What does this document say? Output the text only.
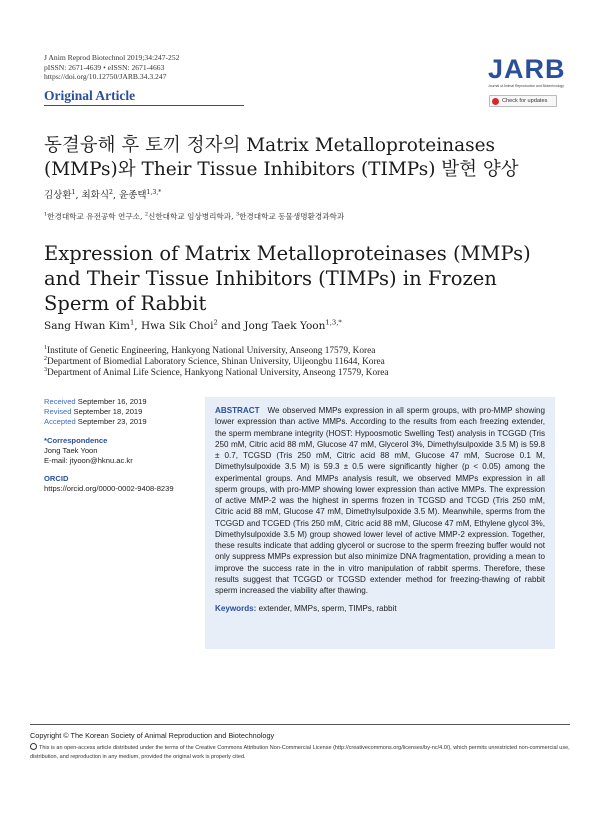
J Anim Reprod Biotechnol 2019;34:247-252
pISSN: 2671-4639 • eISSN: 2671-4663
https://doi.org/10.12750/JARB.34.3.247
Original Article
JARB
Journal of Animal Reproduction and Biotechnology
Check for updates
동결융해 후 토끼 정자의 Matrix Metalloproteinases
(MMPs)와 Their Tissue Inhibitors (TIMPs) 발현 양상
김상환$^1$, 최화식$^2$, 윤종택$^{1,3,*}$
$^1$한경대학교 유전공학 연구소, $^2$신한대학교 임상병리학과, $^3$한경대학교 동물생명환경과학과
Expression of Matrix Metalloproteinases (MMPs)
and Their Tissue Inhibitors (TIMPs) in Frozen
Sperm of Rabbit
Sang Hwan Kim$^1$, Hwa Sik Choi$^2$ and Jong Taek Yoon$^{1,3,*}$
$^1$Institute of Genetic Engineering, Hankyong National University, Anseong 17579, Korea
$^2$Department of Biomedial Laboratory Science, Shinan University, Uijeongbu 11644, Korea
$^3$Department of Animal Life Science, Hankyong National University, Anseong 17579, Korea
Received September 16, 2019
Revised September 18, 2019
Accepted September 23, 2019
*Correspondence
Jong Taek Yoon
E-mail: jtyoon@hknu.ac.kr
ORCID
https://orcid.org/0000-0002-9408-8239
ABSTRACT We observed MMPs expression in all sperm groups, with pro-MMP showing lower expression than active MMPs. According to the results from each freezing extender, the sperm membrane integrity (HOST: Hypoosmotic Swelling Test) analysis in TCGGD (Tris 250 mM, Citric acid 88 mM, Glucose 47 mM, Glycerol 3%, Dimethylsulpoxide 3.5 M) is 59.8 ± 0.7, TCGSD (Tris 250 mM, Citric acid 88 mM, Glucose 47 mM, Sucrose 0.1 M, Dimethylsulpoxide 3.5 M) is 59.3 ± 0.5 were significantly higher (p < 0.05) among the experimental groups. And MMPs analysis result, we observed MMPs expression in all sperm groups, with pro-MMP showing lower expression than active MMPs. The expression of active MMP-2 was the highest in sperms frozen in TCGSD and TCGD (Tris 250 mM, Citric acid 88 mM, Glucose 47 mM, Dimethylsulpoxide 3.5 M). Meanwhile, sperms from the TCGGD and TCGED (Tris 250 mM, Citric acid 88 mM, Glucose 47 mM, Ethylene glycol 3%, Dimethylsulpoxide 3.5 M) group showed lower level of active MMP-2 expression. Together, these results indicate that adding glycerol or sucrose to the sperm freezing buffer would not only suppress MMPs expression but also minimize DNA fragmentation, providing a mean to improve the success rate in the in vitro manipulation of rabbit sperms. Therefore, these results suggest that TCGGD or TCGSD extender method for freezing-thawing of rabbit sperm increased the viability after thawing.
Keywords: extender, MMPs, sperm, TIMPs, rabbit
Copyright © The Korean Society of Animal Reproduction and Biotechnology
This is an open-access article distributed under the terms of the Creative Commons Attribution Non-Commercial License (http://creativecommons.org/licenses/by-nc/4.0/), which permits unrestricted non-commercial use, distribution, and reproduction in any medium, provided the original work is properly cited.
